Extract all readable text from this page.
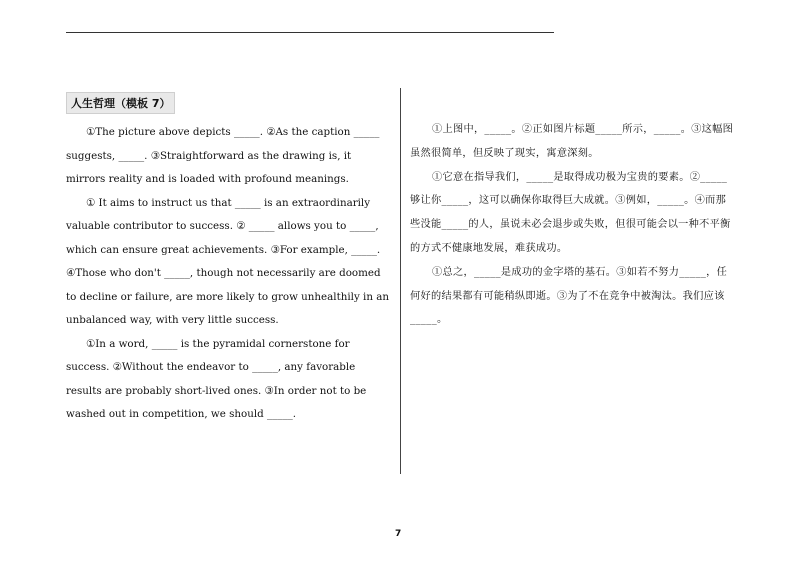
人生哲理（模板 7）

①The picture above depicts _____. ②As the caption _____ suggests, _____. ③Straightforward as the drawing is, it mirrors reality and is loaded with profound meanings.

① It aims to instruct us that _____ is an extraordinarily valuable contributor to success. ② _____ allows you to _____, which can ensure great achievements. ③For example, _____. ④Those who don't _____, though not necessarily are doomed to decline or failure, are more likely to grow unhealthily in an unbalanced way, with very little success.

①In a word, _____ is the pyramidal cornerstone for success. ②Without the endeavor to _____, any favorable results are probably short-lived ones. ③In order not to be washed out in competition, we should _____.

①上图中，_____。②正如图片标题_____所示，_____。③这幅图虽然很简单，但反映了现实，寓意深刻。

①它意在指导我们，_____是取得成功极为宝贵的要素。②_____够让你_____，这可以确保你取得巨大成就。③例如，_____。④而那些没能_____的人，虽说未必会退步或失败，但很可能会以一种不平衡的方式不健康地发展，难获成功。

①总之，_____是成功的金字塔的基石。③如若不努力_____，任何好的结果都有可能稍纵即逝。③为了不在竞争中被淘汰。我们应该_____。

7
